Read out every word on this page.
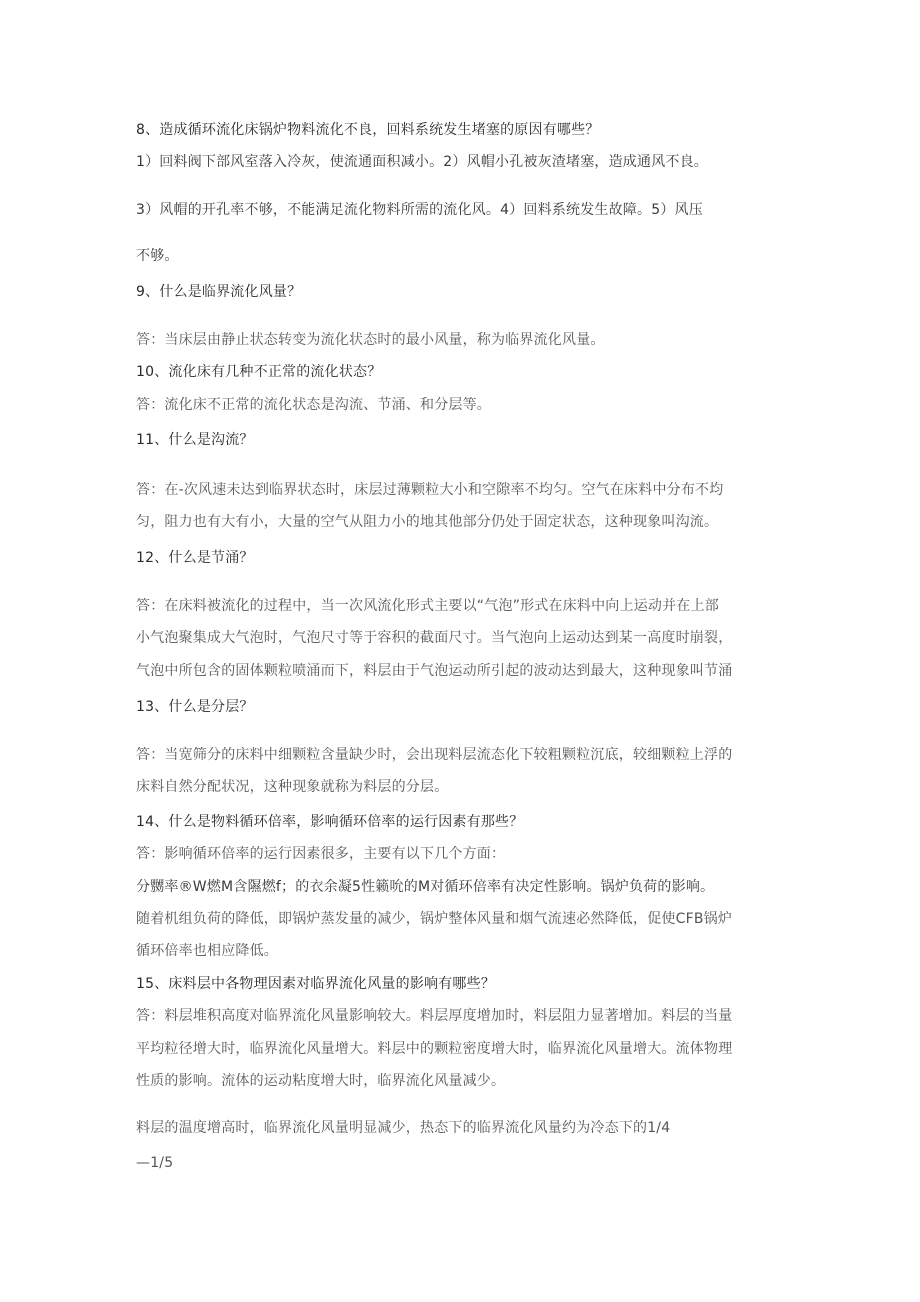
8、造成循环流化床锅炉物料流化不良，回料系统发生堵塞的原因有哪些？
1）回料阀下部风室落入冷灰，使流通面积减小。2）风帽小孔被灰渣堵塞，造成通风不良。
3）风帽的开孔率不够，不能满足流化物料所需的流化风。4）回料系统发生故障。5）风压
不够。
9、什么是临界流化风量？
答：当床层由静止状态转变为流化状态时的最小风量，称为临界流化风量。
10、流化床有几种不正常的流化状态？
答：流化床不正常的流化状态是沟流、节涌、和分层等。
11、什么是沟流？
答：在-次风速未达到临界状态时，床层过薄颗粒大小和空隙率不均匀。空气在床料中分布不均
匀，阻力也有大有小，大量的空气从阻力小的地其他部分仍处于固定状态，这种现象叫沟流。
12、什么是节涌？
答：在床料被流化的过程中，当一次风流化形式主要以“气泡”形式在床料中向上运动并在上部
小气泡聚集成大气泡时，气泡尺寸等于容积的截面尺寸。当气泡向上运动达到某一高度时崩裂，
气泡中所包含的固体颗粒喷涌而下，料层由于气泡运动所引起的波动达到最大，这种现象叫节涌
13、什么是分层？
答：当宽筛分的床料中细颗粒含量缺少时，会出现料层流态化下较粗颗粒沉底，较细颗粒上浮的
床料自然分配状况，这种现象就称为料层的分层。
14、什么是物料循环倍率，影响循环倍率的运行因素有那些？
答：影响循环倍率的运行因素很多，主要有以下几个方面：
分嬲率®W燃M含隰燃f；的衣余凝5性籁吮的M对循环倍率有决定性影响。锅炉负荷的影响。
随着机组负荷的降低，即锅炉蒸发量的减少，锅炉整体风量和烟气流速必然降低，促使CFB锅炉
循环倍率也相应降低。
15、床料层中各物理因素对临界流化风量的影响有哪些？
答：料层堆积高度对临界流化风量影响较大。料层厚度增加时，料层阻力显著增加。料层的当量
平均粒径增大时，临界流化风量增大。料层中的颗粒密度增大时，临界流化风量增大。流体物理
性质的影响。流体的运动粘度增大时，临界流化风量减少。
料层的温度增高时，临界流化风量明显减少，热态下的临界流化风量约为冷态下的1/4
—1/5
